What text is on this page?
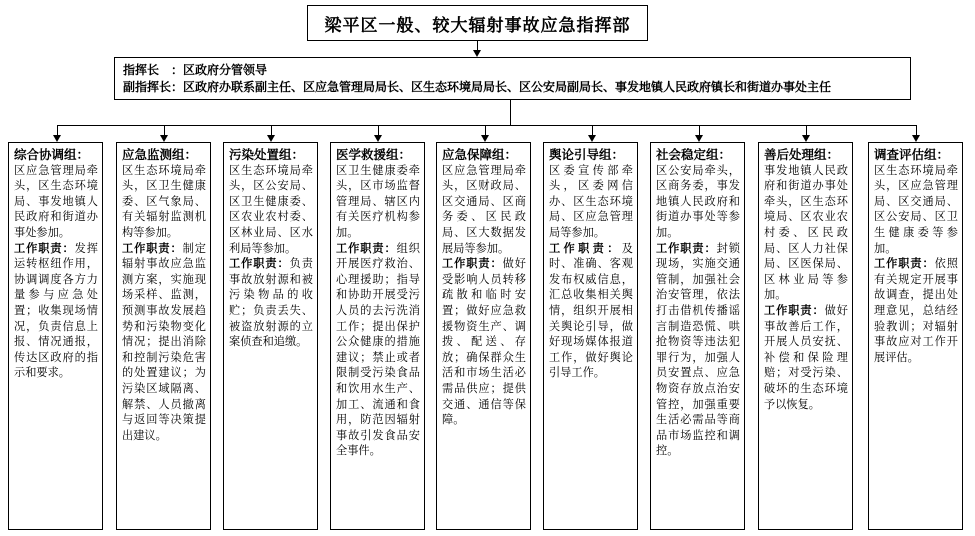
梁平区一般、较大辐射事故应急指挥部
指挥长　 ：区政府分管领导
副指挥长：区政府办联系副主任、区应急管理局局长、区生态环境局局长、区公安局副局长、事发地镇人民政府镇长和街道办事处主任
综合协调组：
区应急管理局牵头，区生态环境局、事发地镇人民政府和街道办事处参加。
工作职责：发挥运转枢纽作用，协调调度各方力量参与应急处置；收集现场情况，负责信息上报、情况通报，传达区政府的指示和要求。
应急监测组：
区生态环境局牵头，区卫生健康委、区气象局、有关辐射监测机构等参加。
工作职责：制定辐射事故应急监测方案，实施现场采样、监测，预测事故发展趋势和污染物变化情况；提出消除和控制污染危害的处置建议；为污染区域隔离、解禁、人员撤离与返回等决策提出建议。
污染处置组：
区生态环境局牵头，区公安局、区卫生健康委、区农业农村委、区林业局、区水利局等参加。
工作职责：负责事故放射源和被污染物品的收贮；负责丢失、被盗放射源的立案侦查和追缴。
医学救援组：
区卫生健康委牵头，区市场监督管理局、辖区内有关医疗机构参加。
工作职责：组织开展医疗救治、心理援助；指导和协助开展受污人员的去污洗消工作；提出保护公众健康的措施建议；禁止或者限制受污染食品和饮用水生产、加工、流通和食用，防范因辐射事故引发食品安全事件。
应急保障组：
区应急管理局牵头，区财政局、区交通局、区商务委、区民政局、区大数据发展局等参加。
工作职责：做好受影响人员转移疏散和临时安置；做好应急救援物资生产、调拨、配送、存放；确保群众生活和市场生活必需品供应；提供交通、通信等保障。
舆论引导组：
区委宣传部牵头，区委网信办、区生态环境局、区应急管理局等参加。
工作职责：及时、准确、客观发布权威信息，汇总收集相关舆情，组织开展相关舆论引导，做好现场媒体报道工作，做好舆论引导工作。
社会稳定组：
区公安局牵头，区商务委，事发地镇人民政府和街道办事处等参加。
工作职责：封锁现场，实施交通管制，加强社会治安管理，依法打击借机传播谣言制造恐慌、哄抢物资等违法犯罪行为，加强人员安置点、应急物资存放点治安管控，加强重要生活必需品等商品市场监控和调控。
善后处理组：
事发地镇人民政府和街道办事处牵头，区生态环境局、区农业农村委、区民政局、区人力社保局、区医保局、区林业局等参加。
工作职责：做好事故善后工作，开展人员安抚、补偿和保险理赔；对受污染、破坏的生态环境予以恢复。
调查评估组：
区生态环境局牵头，区应急管理局、区交通局、区公安局、区卫生健康委等参加。
工作职责：依照有关规定开展事故调查，提出处理意见，总结经验教训；对辐射事故应对工作开展评估。
